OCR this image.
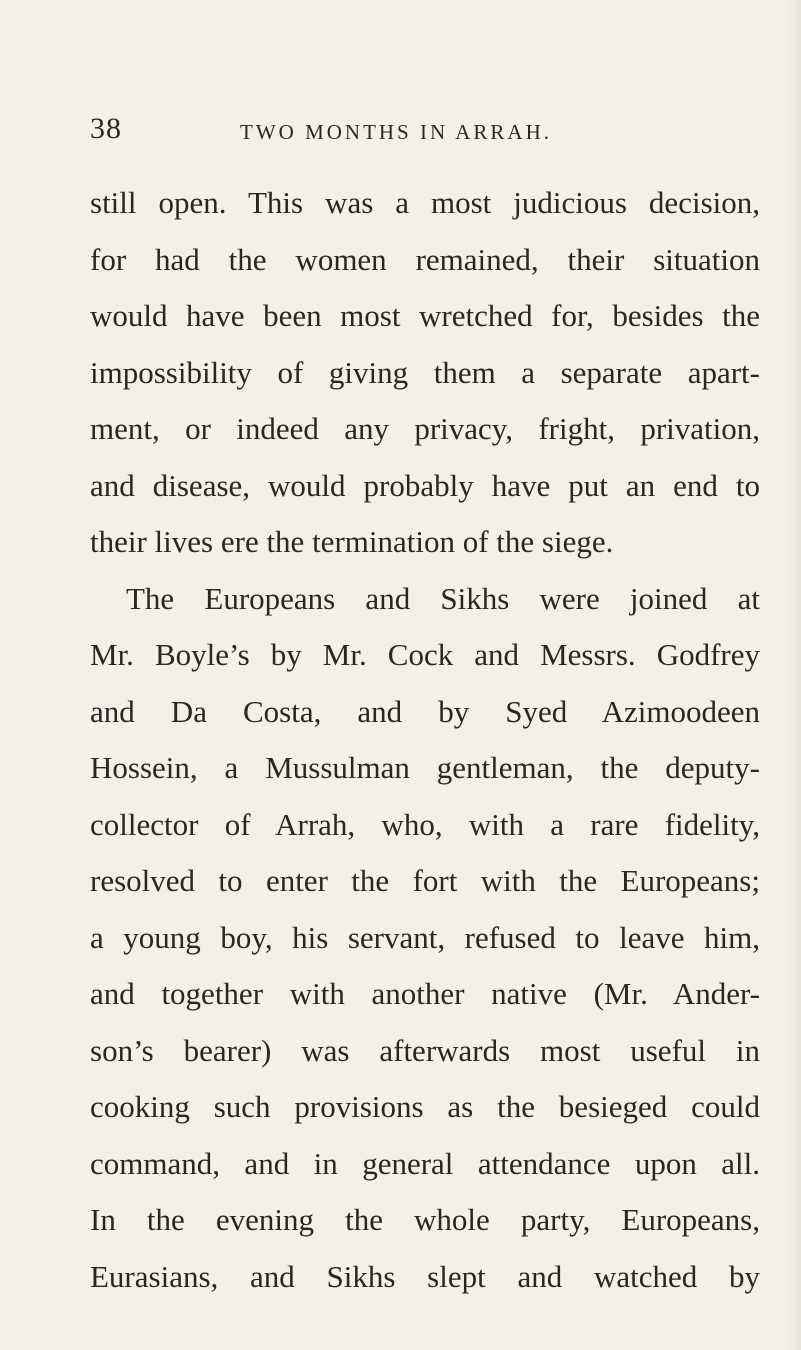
38	TWO MONTHS IN ARRAH.
still open. This was a most judicious decision,
for had the women remained, their situation
would have been most wretched for, besides the
impossibility of giving them a separate apart-
ment, or indeed any privacy, fright, privation,
and disease, would probably have put an end to
their lives ere the termination of the siege.
The Europeans and Sikhs were joined at
Mr. Boyle’s by Mr. Cock and Messrs. Godfrey
and Da Costa, and by Syed Azimoodeen
Hossein, a Mussulman gentleman, the deputy-
collector of Arrah, who, with a rare fidelity,
resolved to enter the fort with the Europeans;
a young boy, his servant, refused to leave him,
and together with another native (Mr. Ander-
son’s bearer) was afterwards most useful in
cooking such provisions as the besieged could
command, and in general attendance upon all.
In the evening the whole party, Europeans,
Eurasians, and Sikhs slept and watched by
